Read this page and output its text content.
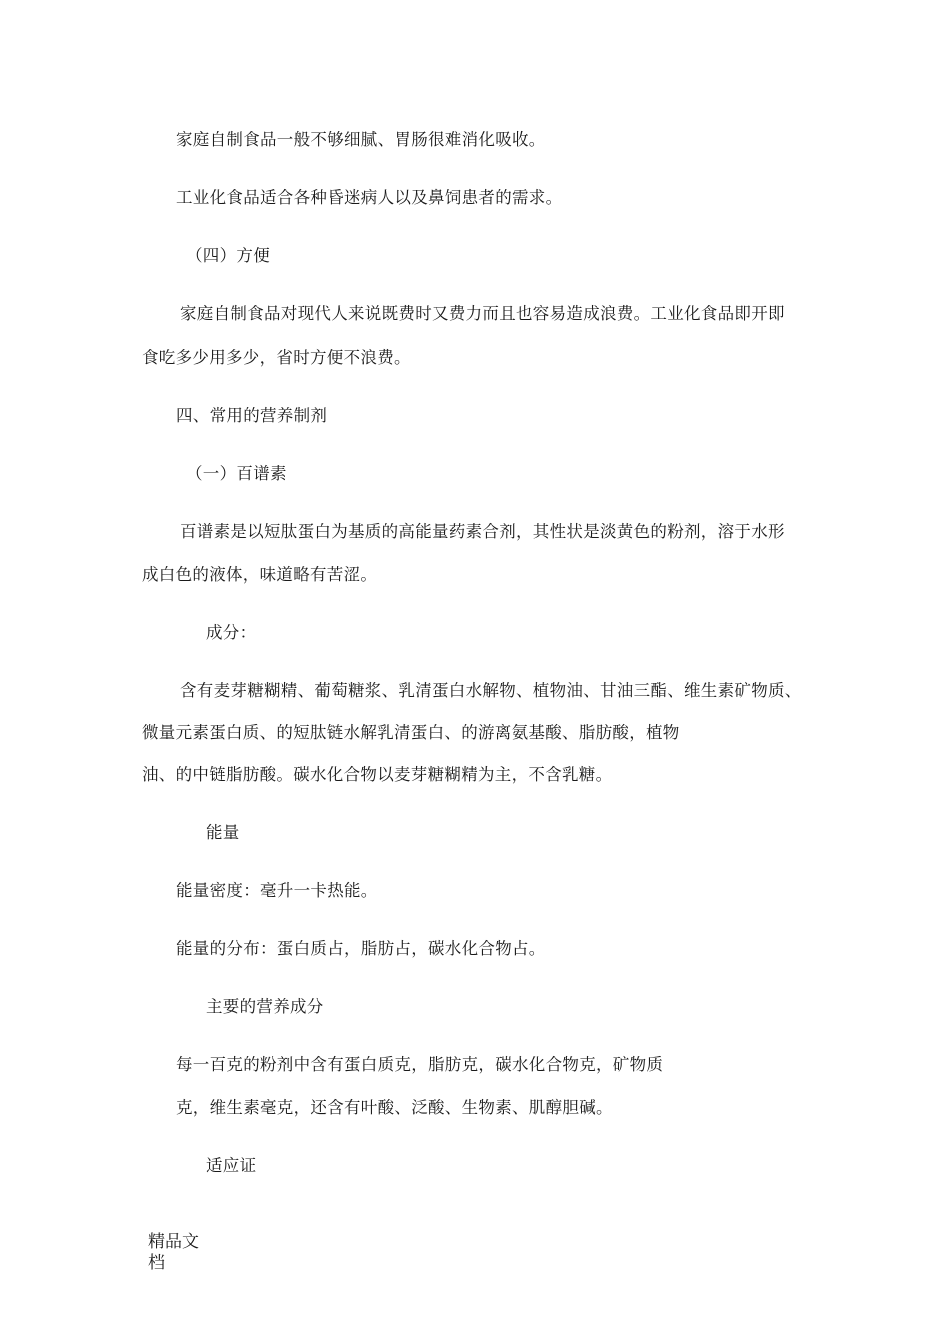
家庭自制食品一般不够细腻、胃肠很难消化吸收。

工业化食品适合各种昏迷病人以及鼻饲患者的需求。

（四）方便

家庭自制食品对现代人来说既费时又费力而且也容易造成浪费。工业化食品即开即

食吃多少用多少，省时方便不浪费。

四、常用的营养制剂

（一）百谱素

百谱素是以短肽蛋白为基质的高能量药素合剂，其性状是淡黄色的粉剂，溶于水形

成白色的液体，味道略有苦涩。

成分：

含有麦芽糖糊精、葡萄糖浆、乳清蛋白水解物、植物油、甘油三酯、维生素矿物质、

微量元素蛋白质、的短肽链水解乳清蛋白、的游离氨基酸、脂肪酸，植物

油、的中链脂肪酸。碳水化合物以麦芽糖糊精为主，不含乳糖。

能量

能量密度：毫升一卡热能。

能量的分布：蛋白质占，脂肪占，碳水化合物占。

主要的营养成分

每一百克的粉剂中含有蛋白质克，脂肪克，碳水化合物克，矿物质

克，维生素毫克，还含有叶酸、泛酸、生物素、肌醇胆碱。

适应证

精品文档
